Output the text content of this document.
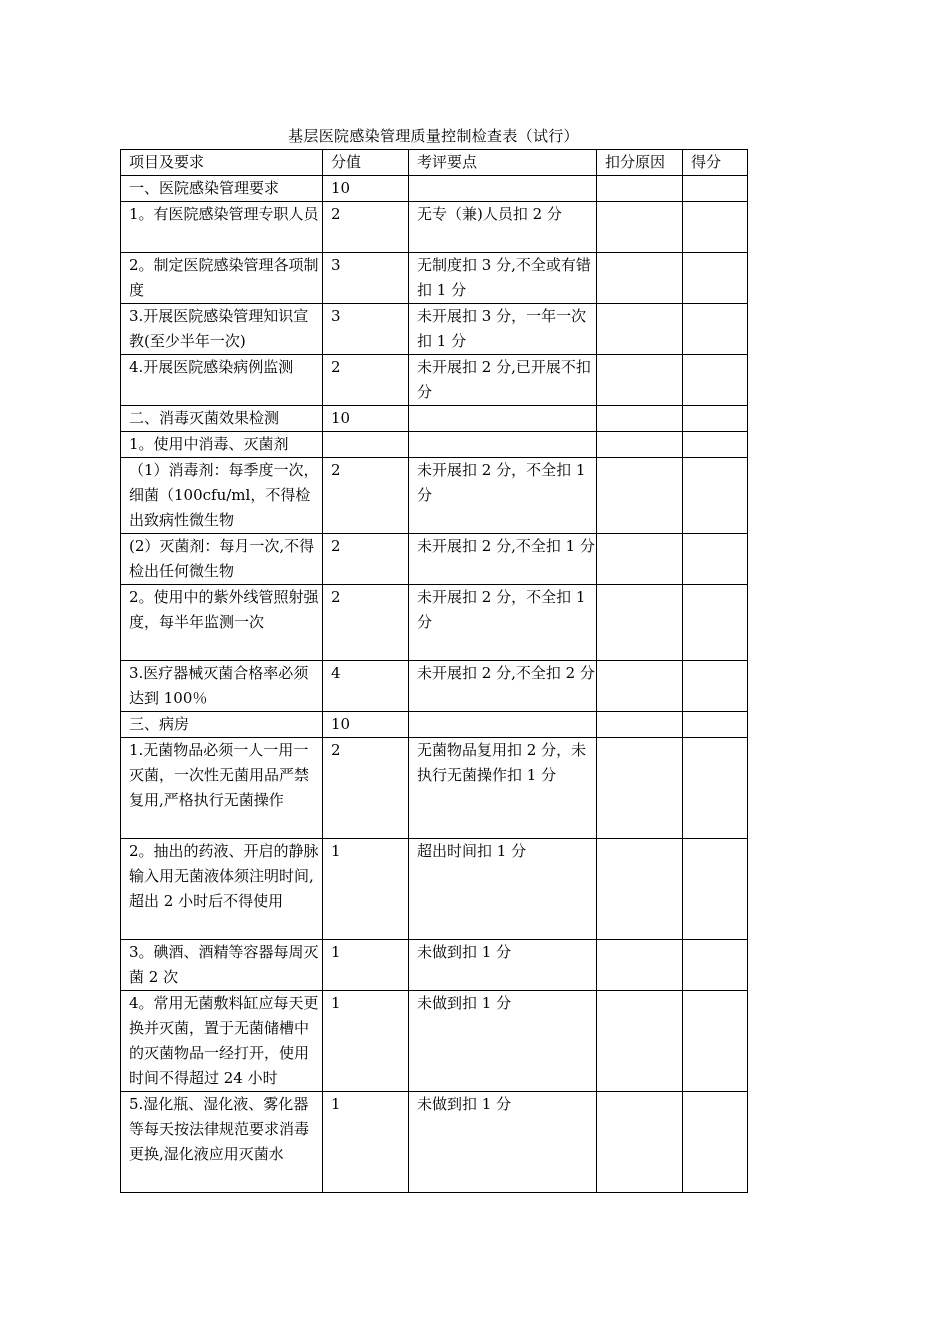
基层医院感染管理质量控制检查表（试行）
项目及要求	分值	考评要点	扣分原因	得分
一、医院感染管理要求	10			
1。有医院感染管理专职人员	2	无专（兼)人员扣 2 分		
2。制定医院感染管理各项制度	3	无制度扣 3 分,不全或有错扣 1 分		
3.开展医院感染管理知识宣教(至少半年一次)	3	未开展扣 3 分，一年一次扣 1 分		
4.开展医院感染病例监测	2	未开展扣 2 分,已开展不扣分		
二、消毒灭菌效果检测	10			
1。使用中消毒、灭菌剂				
（1）消毒剂：每季度一次，细菌（100cfu/ml，不得检出致病性微生物	2	未开展扣 2 分，不全扣 1 分		
(2）灭菌剂：每月一次,不得检出任何微生物	2	未开展扣 2 分,不全扣 1 分		
2。使用中的紫外线管照射强度，每半年监测一次	2	未开展扣 2 分，不全扣 1 分		
3.医疗器械灭菌合格率必须达到 100％	4	未开展扣 2 分,不全扣 2 分		
三、病房	10			
1.无菌物品必须一人一用一灭菌，一次性无菌用品严禁复用,严格执行无菌操作	2	无菌物品复用扣 2 分，未执行无菌操作扣 1 分		
2。抽出的药液、开启的静脉输入用无菌液体须注明时间,超出 2 小时后不得使用	1	超出时间扣 1 分		
3。碘酒、酒精等容器每周灭菌 2 次	1	未做到扣 1 分		
4。常用无菌敷料缸应每天更换并灭菌，置于无菌储槽中的灭菌物品一经打开，使用时间不得超过 24 小时	1	未做到扣 1 分		
5.湿化瓶、湿化液、雾化器等每天按法律规范要求消毒更换,湿化液应用灭菌水	1	未做到扣 1 分		
